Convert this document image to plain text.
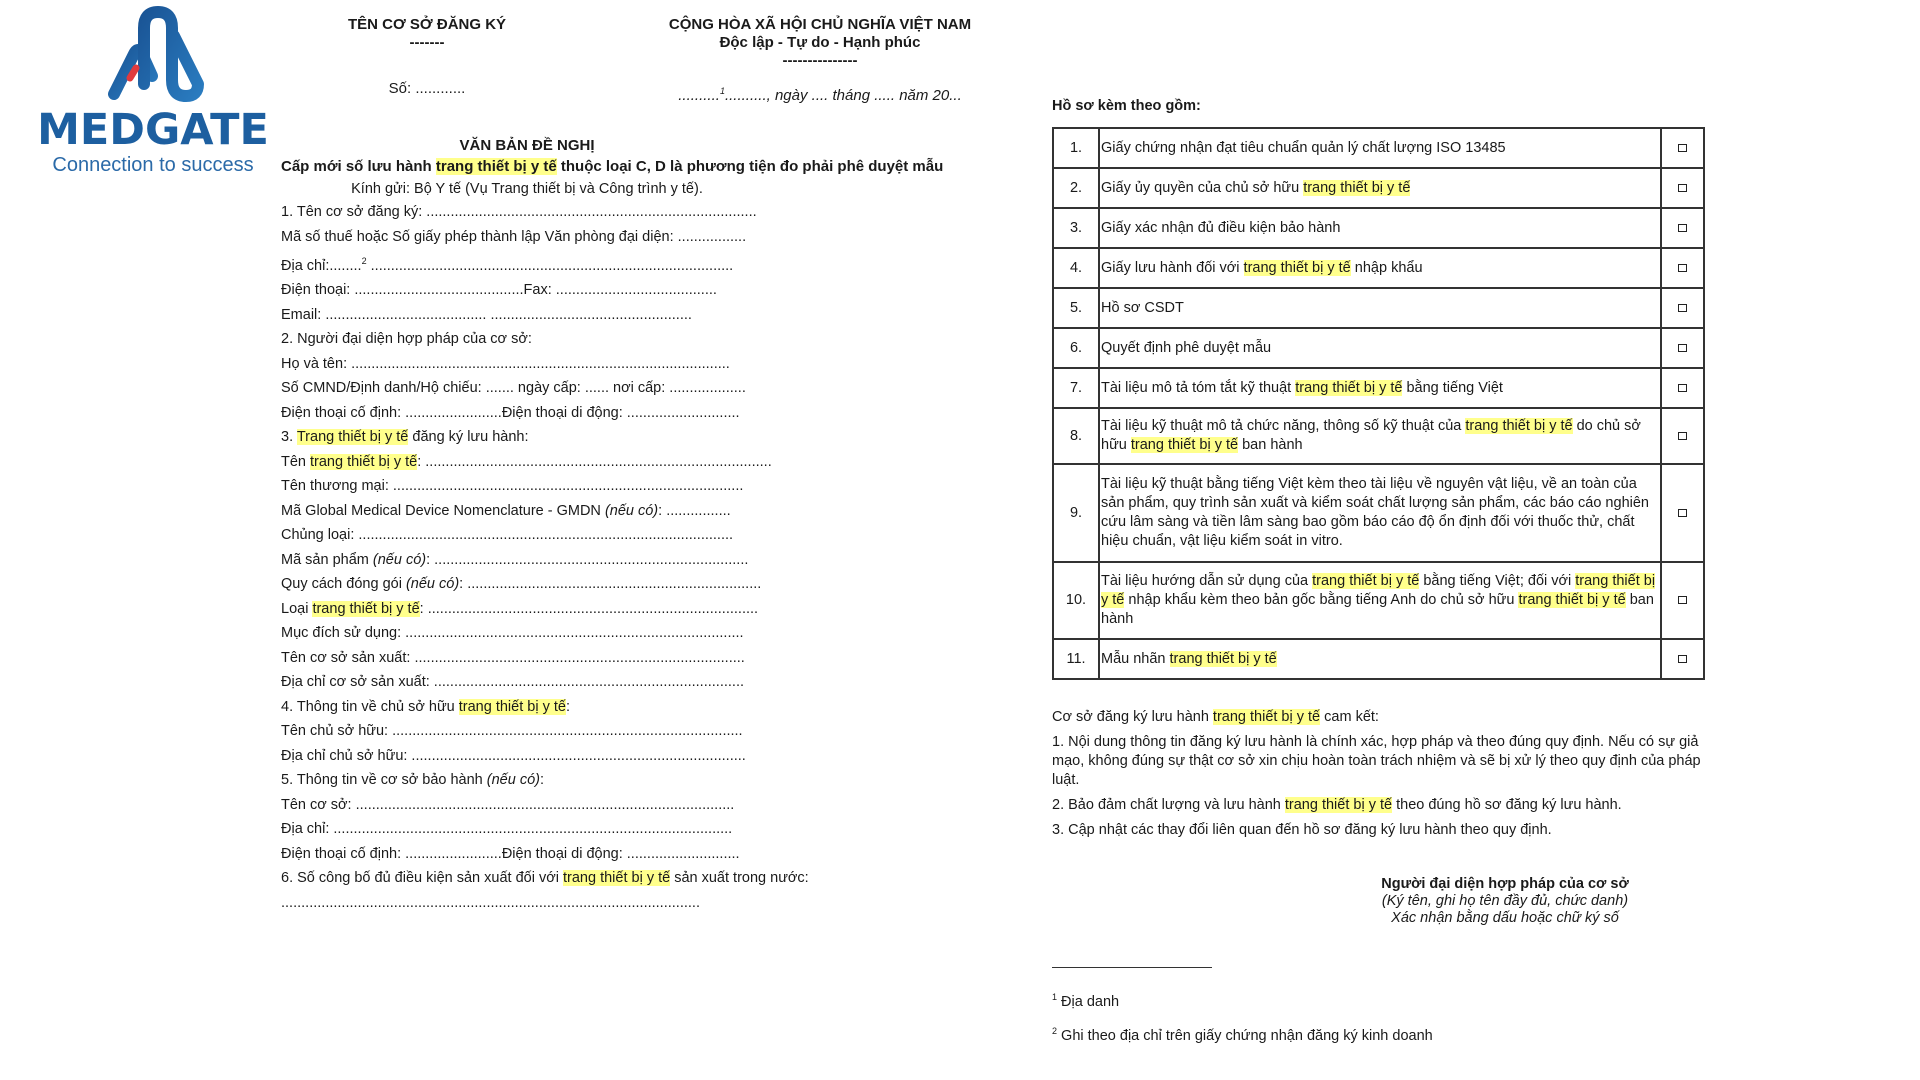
MEDGATE
Connection to success
TÊN CƠ SỞ ĐĂNG KÝ
-------
Số: ............
CỘNG HÒA XÃ HỘI CHỦ NGHĨA VIỆT NAM
Độc lập - Tự do - Hạnh phúc
---------------
..........$^1$.........., ngày .... tháng ..... năm 20...
VĂN BẢN ĐỀ NGHỊ
Cấp mới số lưu hành trang thiết bị y tế thuộc loại C, D là phương tiện đo phải phê duyệt mẫu
Kính gửi: Bộ Y tế (Vụ Trang thiết bị và Công trình y tế).
1. Tên cơ sở đăng ký: ..................................................................................
Mã số thuế hoặc Số giấy phép thành lập Văn phòng đại diện: .................
Địa chỉ:........$^2$ ..........................................................................................
Điện thoại: ..........................................Fax: ........................................
Email: ........................................ ..................................................
2. Người đại diện hợp pháp của cơ sở:
Họ và tên: ..............................................................................................
Số CMND/Định danh/Hộ chiếu: ....... ngày cấp: ...... nơi cấp: ...................
Điện thoại cố định: ........................Điện thoại di động: ............................
3. Trang thiết bị y tế đăng ký lưu hành:
Tên trang thiết bị y tế: ......................................................................................
Tên thương mại: .......................................................................................
Mã Global Medical Device Nomenclature - GMDN (nếu có): ................
Chủng loại: .............................................................................................
Mã sản phẩm (nếu có): ..............................................................................
Quy cách đóng gói (nếu có): .........................................................................
Loại trang thiết bị y tế: ..................................................................................
Mục đích sử dụng: ....................................................................................
Tên cơ sở sản xuất: ..................................................................................
Địa chỉ cơ sở sản xuất: .............................................................................
4. Thông tin về chủ sở hữu trang thiết bị y tế:
Tên chủ sở hữu: .......................................................................................
Địa chỉ chủ sở hữu: ...................................................................................
5. Thông tin về cơ sở bảo hành (nếu có):
Tên cơ sở: ..............................................................................................
Địa chỉ: ...................................................................................................
Điện thoại cố định: ........................Điện thoại di động: ............................
6. Số công bố đủ điều kiện sản xuất đối với trang thiết bị y tế sản xuất trong nước:
........................................................................................................
Hồ sơ kèm theo gồm:
1.	Giấy chứng nhận đạt tiêu chuẩn quản lý chất lượng ISO 13485	
2.	Giấy ủy quyền của chủ sở hữu trang thiết bị y tế	
3.	Giấy xác nhận đủ điều kiện bảo hành	
4.	Giấy lưu hành đối với trang thiết bị y tế nhập khẩu	
5.	Hồ sơ CSDT	
6.	Quyết định phê duyệt mẫu	
7.	Tài liệu mô tả tóm tắt kỹ thuật trang thiết bị y tế bằng tiếng Việt	
8.	Tài liệu kỹ thuật mô tả chức năng, thông số kỹ thuật của trang thiết bị y tế do chủ sở hữu trang thiết bị y tế ban hành	
9.	Tài liệu kỹ thuật bằng tiếng Việt kèm theo tài liệu về nguyên vật liệu, về an toàn của sản phẩm, quy trình sản xuất và kiểm soát chất lượng sản phẩm, các báo cáo nghiên cứu lâm sàng và tiền lâm sàng bao gồm báo cáo độ ổn định đối với thuốc thử, chất hiệu chuẩn, vật liệu kiểm soát in vitro.	
10.	Tài liệu hướng dẫn sử dụng của trang thiết bị y tế bằng tiếng Việt; đối với trang thiết bị y tế nhập khẩu kèm theo bản gốc bằng tiếng Anh do chủ sở hữu trang thiết bị y tế ban hành	
11.	Mẫu nhãn trang thiết bị y tế	
Cơ sở đăng ký lưu hành trang thiết bị y tế cam kết:
1. Nội dung thông tin đăng ký lưu hành là chính xác, hợp pháp và theo đúng quy định. Nếu có sự giả mạo, không đúng sự thật cơ sở xin chịu hoàn toàn trách nhiệm và sẽ bị xử lý theo quy định của pháp luật.
2. Bảo đảm chất lượng và lưu hành trang thiết bị y tế theo đúng hồ sơ đăng ký lưu hành.
3. Cập nhật các thay đổi liên quan đến hồ sơ đăng ký lưu hành theo quy định.
Người đại diện hợp pháp của cơ sở
(Ký tên, ghi họ tên đầy đủ, chức danh)
Xác nhận bằng dấu hoặc chữ ký số
$^1$ Địa danh
$^2$ Ghi theo địa chỉ trên giấy chứng nhận đăng ký kinh doanh
